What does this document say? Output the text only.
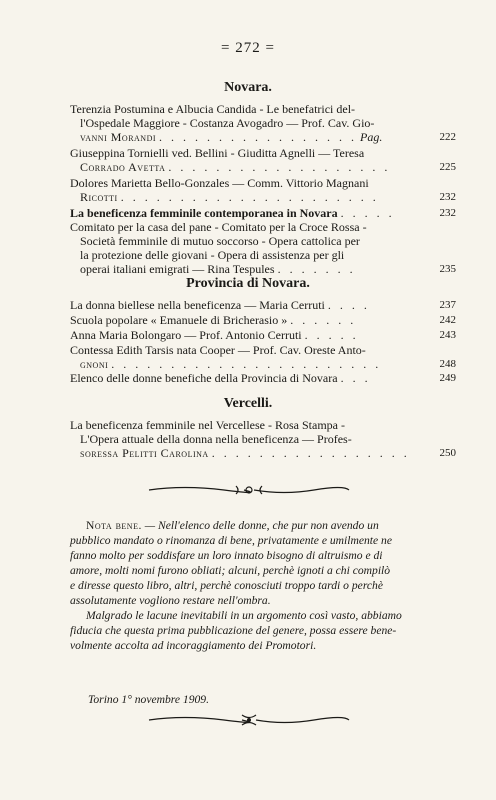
= 272 =
Novara.
Terenzia Postumina e Albucia Candida - Le benefatrici del-
l'Ospedale Maggiore - Costanza Avogadro — Prof. Cav. Gio-
vanni Morandi . . . . . . . . . . . . . . . . . Pag.	222
Giuseppina Tornielli ved. Bellini - Giuditta Agnelli — Teresa
Corrado Avetta . . . . . . . . . . . . . . . . . . .	225
Dolores Marietta Bello-Gonzales — Comm. Vittorio Magnani
Ricotti . . . . . . . . . . . . . . . . . . . . . .	232
La beneficenza femminile contemporanea in Novara . . . . .	232
Comitato per la casa del pane - Comitato per la Croce Rossa -
Società femminile di mutuo soccorso - Opera cattolica per
la protezione delle giovani - Opera di assistenza per gli
operai italiani emigrati — Rina Tespules . . . . . . .	235
Provincia di Novara.
La donna biellese nella beneficenza — Maria Cerruti . . . .	237
Scuola popolare « Emanuele di Bricherasio » . . . . . .	242
Anna Maria Bolongaro — Prof. Antonio Cerruti . . . . .	243
Contessa Edith Tarsis nata Cooper — Prof. Cav. Oreste Anto-
gnoni . . . . . . . . . . . . . . . . . . . . . . .	248
Elenco delle donne benefiche della Provincia di Novara . . .	249
Vercelli.
La beneficenza femminile nel Vercellese - Rosa Stampa -
L'Opera attuale della donna nella beneficenza — Profes-
soressa Pelitti Carolina . . . . . . . . . . . . . . . . .	250
Nota bene. — Nell'elenco delle donne, che pur non avendo un
pubblico mandato o rinomanza di bene, privatamente e umilmente ne
fanno molto per soddisfare un loro innato bisogno di altruismo e di
amore, molti nomi furono obliati; alcuni, perchè ignoti a chi compilò
e diresse questo libro, altri, perchè conosciuti troppo tardi o perchè
assolutamente vogliono restare nell'ombra.
Malgrado le lacune inevitabili in un argomento così vasto, abbiamo
fiducia che questa prima pubblicazione del genere, possa essere bene-
volmente accolta ad incoraggiamento dei Promotori.
Torino 1° novembre 1909.
